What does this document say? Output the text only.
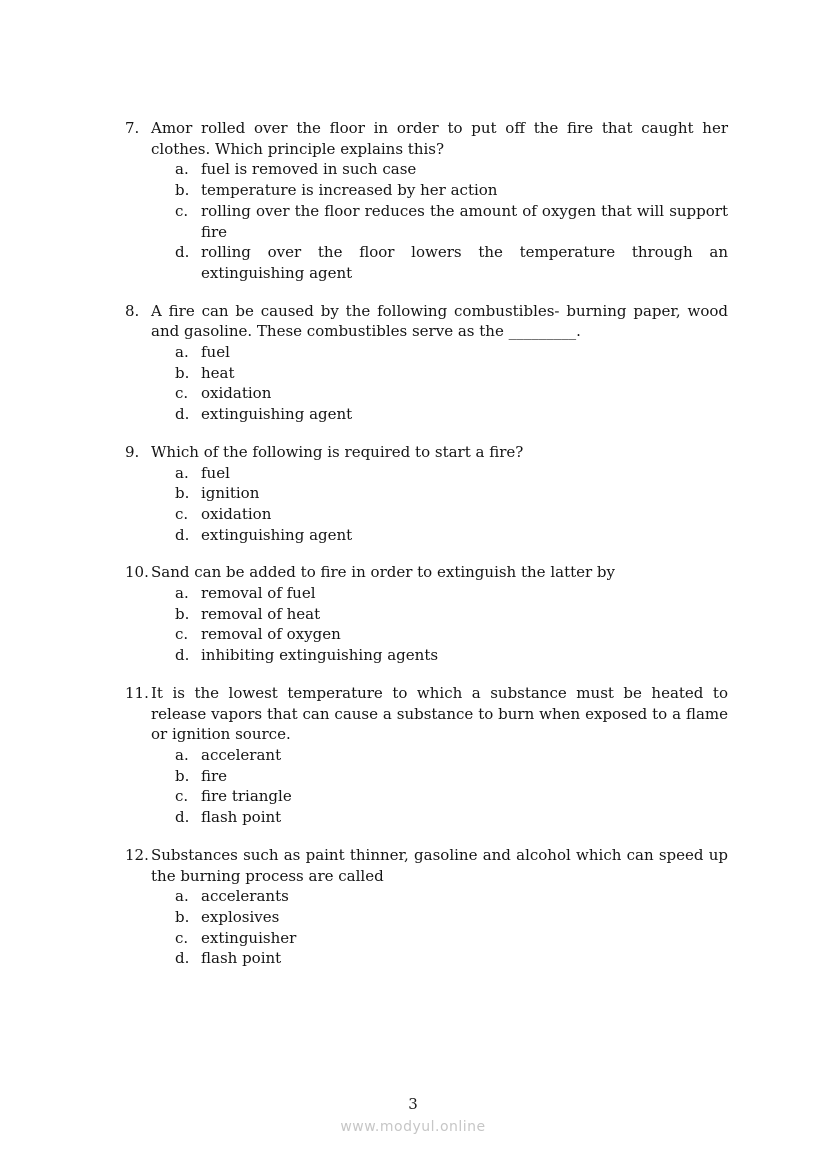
7. Amor rolled over the floor in order to put off the fire that caught her clothes. Which principle explains this?
a. fuel is removed in such case
b. temperature is increased by her action
c. rolling over the floor reduces the amount of oxygen that will support fire
d. rolling over the floor lowers the temperature through an extinguishing agent
8. A fire can be caused by the following combustibles- burning paper, wood and gasoline. These combustibles serve as the _________.
a. fuel
b. heat
c. oxidation
d. extinguishing agent
9. Which of the following is required to start a fire?
a. fuel
b. ignition
c. oxidation
d. extinguishing agent
10. Sand can be added to fire in order to extinguish the latter by
a. removal of fuel
b. removal of heat
c. removal of oxygen
d. inhibiting extinguishing agents
11. It is the lowest temperature to which a substance must be heated to release vapors that can cause a substance to burn when exposed to a flame or ignition source.
a. accelerant
b. fire
c. fire triangle
d. flash point
12. Substances such as paint thinner, gasoline and alcohol which can speed up the burning process are called
a. accelerants
b. explosives
c. extinguisher
d. flash point
3
www.modyul.online
